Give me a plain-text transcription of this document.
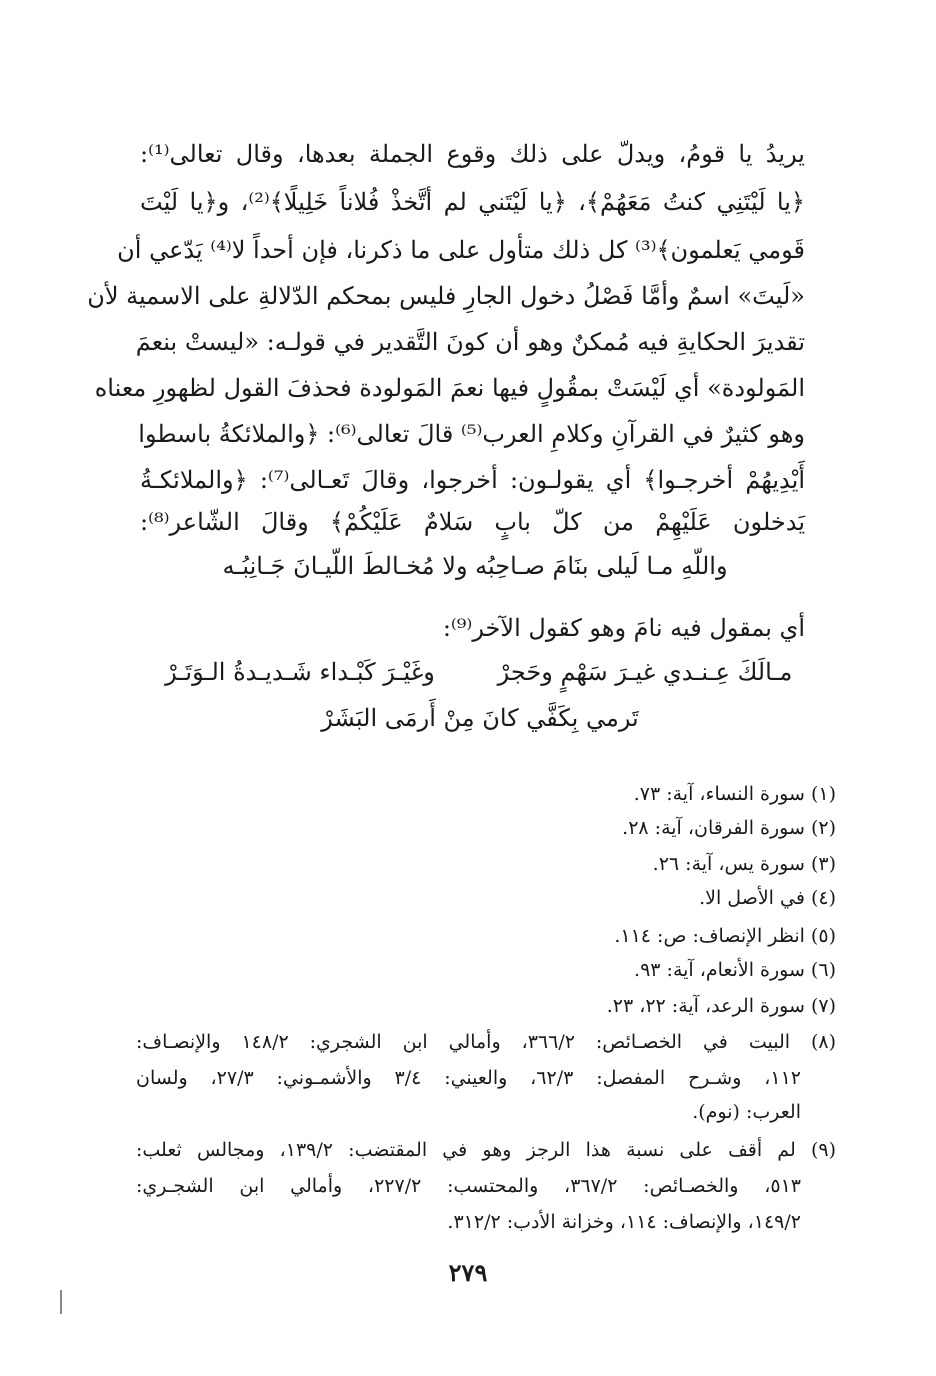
يريدُ يا قومُ، ويدلّ على ذلك وقوع الجملة بعدها، وقال تعالى⁽¹⁾:
﴿يا لَيْتَنِي كنتُ مَعَهُمْ﴾، ﴿يا لَيْتَني لم أتَّخذْ فُلاناً خَلِيلًا﴾⁽²⁾، و﴿يا لَيْتَ
قَومي يَعلمون﴾⁽³⁾ كل ذلك متأول على ما ذكرنا، فإن أحداً لا⁽⁴⁾ يَدّعي أن
«لَيتَ» اسمٌ وأمَّا فَصْلُ دخول الجارِ فليس بمحكم الدّلالةِ على الاسمية لأن
تقديرَ الحكايةِ فيه مُمكنٌ وهو أن كونَ التَّقدير في قولـه: «ليستْ بنعمَ
المَولودة» أي لَيْسَتْ بمقُولٍ فيها نعمَ المَولودة فحذفَ القول لظهورِ معناه
وهو كثيرٌ في القرآنِ وكلامِ العرب⁽⁵⁾ قالَ تعالى⁽⁶⁾: ﴿والملائكةُ باسطوا
أَيْدِيهُمْ أخرجـوا﴾ أي يقولـون: أخرجوا، وقالَ تَعـالى⁽⁷⁾: ﴿والملائكـةُ
يَدخلون عَلَيْهِمْ من كلّ بابٍ سَلامٌ عَلَيْكُمْ﴾ وقالَ الشّاعر⁽⁸⁾:
واللّهِ مـا لَيلى بنَامَ صـاحِبُه ولا مُخـالطَ اللّيـانَ جَـانِبُـه
أي بمقول فيه نامَ وهو كقول الآخر⁽⁹⁾:
مـالَكَ عِـنـدي غيـرَ سَهْمٍ وحَجرْ
وغَيْـرَ كَبْـداء شَـديـدةُ الـوَتَـرْ
تَرمي بِكَفَّي كانَ مِنْ أَرمَى البَشَرْ
(١) سورة النساء، آية: ٧٣.
(٢) سورة الفرقان، آية: ٢٨.
(٣) سورة يس، آية: ٢٦.
(٤) في الأصل الا.
(٥) انظر الإنصاف: ص: ١١٤.
(٦) سورة الأنعام، آية: ٩٣.
(٧) سورة الرعد، آية: ٢٢، ٢٣.
(٨) البيت في الخصـائص: ٣٦٦/٢، وأمالي ابن الشجري: ١٤٨/٢ والإنصـاف:
١١٢، وشـرح المفصل: ٦٢/٣، والعيني: ٣/٤ والأشمـوني: ٢٧/٣، ولسان
العرب: (نوم).
(٩) لم أقف على نسبة هذا الرجز وهو في المقتضب: ١٣٩/٢، ومجالس ثعلب:
٥١٣، والخصـائص: ٣٦٧/٢، والمحتسب: ٢٢٧/٢، وأمالي ابن الشجـري:
١٤٩/٢، والإنصاف: ١١٤، وخزانة الأدب: ٣١٢/٢.
٢٧٩
